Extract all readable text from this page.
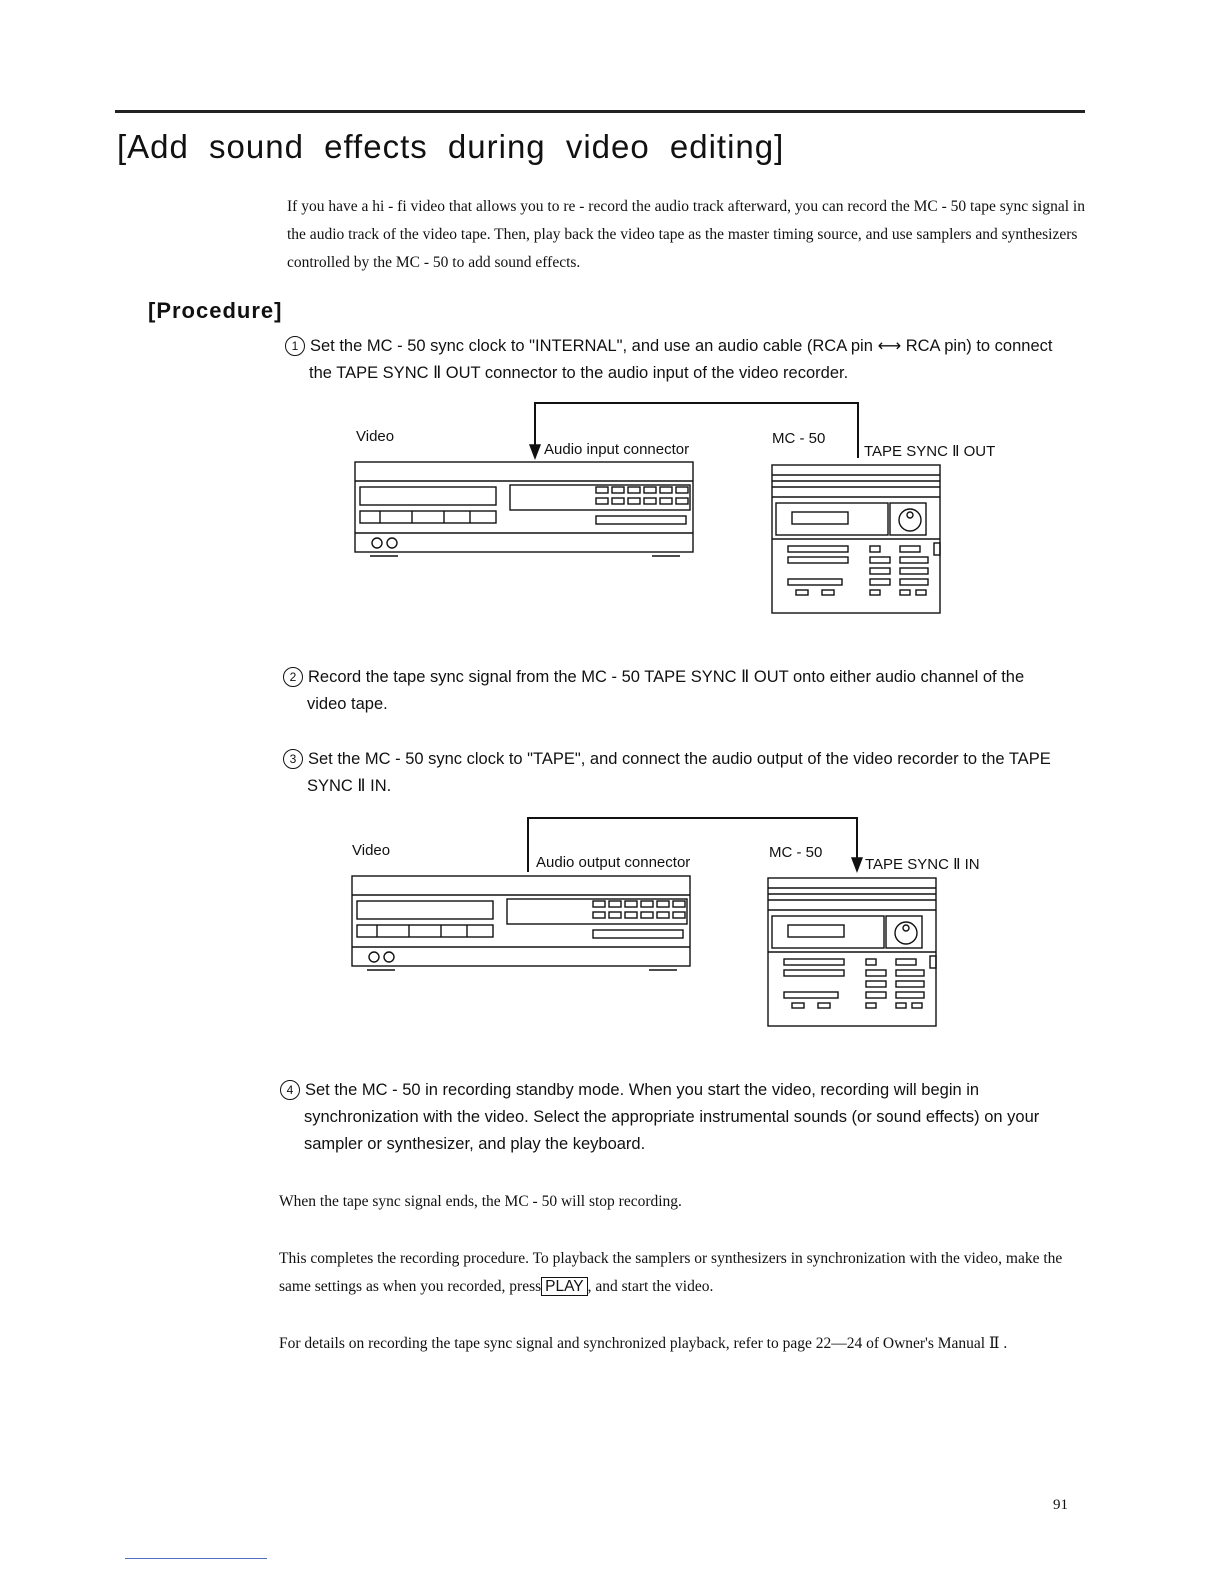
[Add sound effects during video editing]
If you have a hi - fi video that allows you to re - record the audio track afterward, you can record the MC - 50 tape sync signal in the audio track of the video tape. Then, play back the video tape as the master timing source, and use samplers and synthesizers controlled by the MC - 50 to add sound effects.
[Procedure]
1 Set the MC - 50 sync clock to "INTERNAL", and use an audio cable (RCA pin ⟷ RCA pin) to connect
the TAPE SYNC Ⅱ OUT connector to the audio input of the video recorder.
Video
Audio input connector
MC - 50
TAPE SYNC Ⅱ OUT
2 Record the tape sync signal from the MC - 50 TAPE SYNC Ⅱ OUT onto either audio channel of the
video tape.
3 Set the MC - 50 sync clock to "TAPE", and connect the audio output of the video recorder to the TAPE
SYNC Ⅱ IN.
Video
Audio output connector
MC - 50
TAPE SYNC Ⅱ IN
4 Set the MC - 50 in recording standby mode. When you start the video, recording will begin in
synchronization with the video. Select the appropriate instrumental sounds (or sound effects) on your
sampler or synthesizer, and play the keyboard.
When the tape sync signal ends, the MC - 50 will stop recording.
This completes the recording procedure. To playback the samplers or synthesizers in synchronization with the video, make the same settings as when you recorded, press PLAY , and start the video.
For details on recording the tape sync signal and synchronized playback, refer to page 22—24 of Owner's Manual Ⅱ .
91
